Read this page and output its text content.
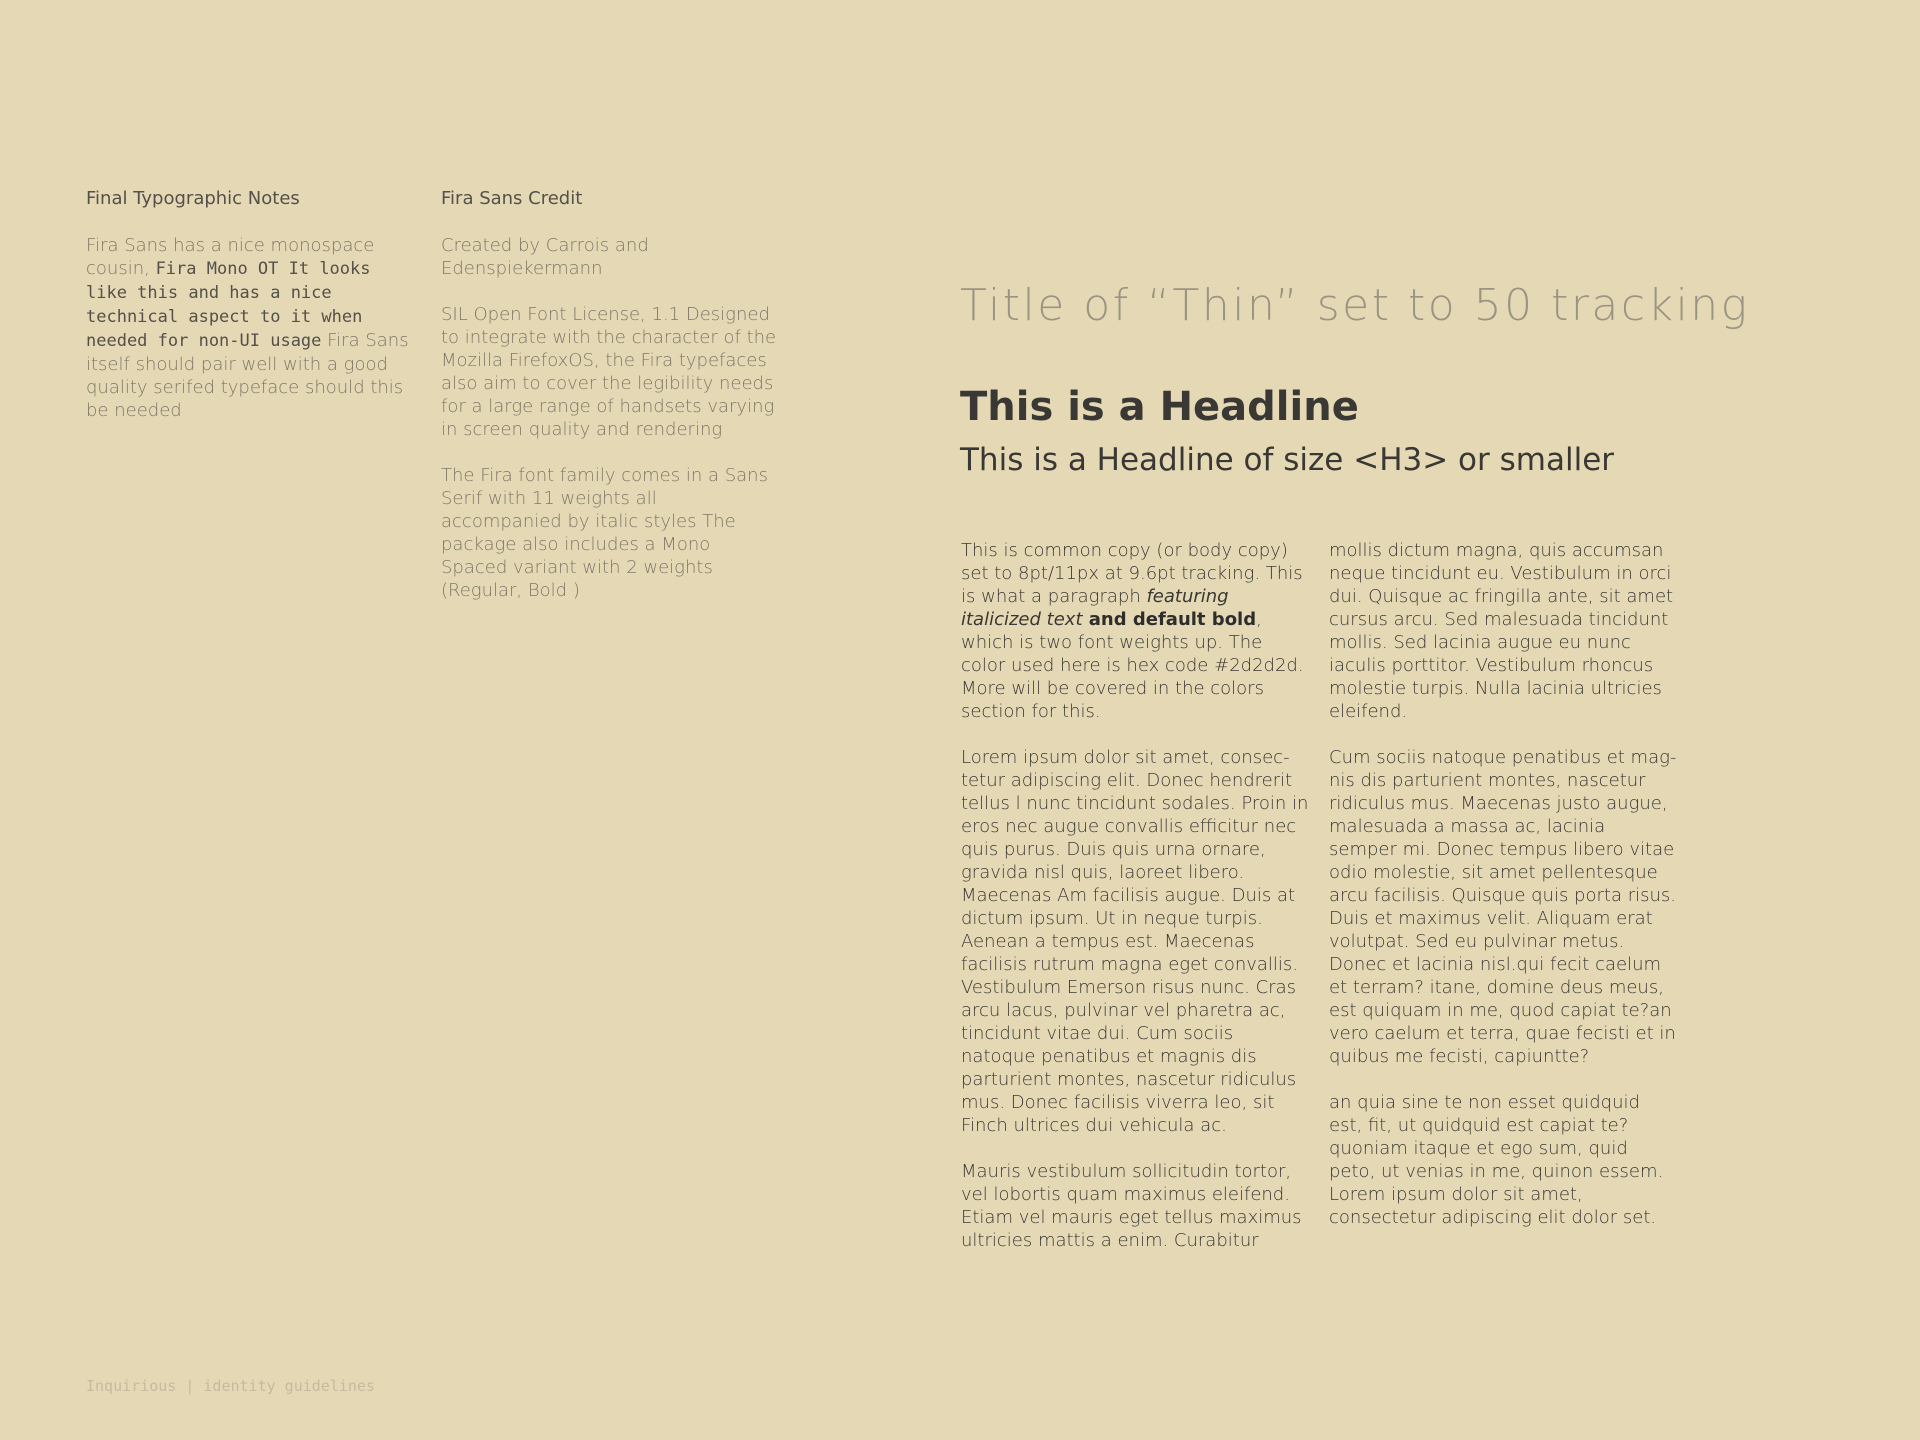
Final Typographic Notes
Fira Sans has a nice monospace cousin, Fira Mono OT It looks like this and has a nice technical aspect to it when needed for non-UI usage Fira Sans itself should pair well with a good quality serifed typeface should this be needed
Fira Sans Credit

Created by Carrois and Edenspiekermann

SIL Open Font License, 1.1 Designed to integrate with the character of the Mozilla FirefoxOS, the Fira typefaces also aim to cover the legibility needs for a large range of handsets varying in screen quality and rendering

The Fira font family comes in a Sans Serif with 11 weights all accompanied by italic styles The package also includes a Mono Spaced variant with 2 weights (Regular, Bold )

Title of “Thin” set to 50 tracking
This is a Headline
This is a Headline of size <H3> or smaller

This is common copy (or body copy) set to 8pt/11px at 9.6pt tracking. This is what a paragraph featuring italicized text and default bold, which is two font weights up. The color used here is hex code #2d2d2d. More will be covered in the colors section for this.

Lorem ipsum dolor sit amet, consectetur adipiscing elit. Donec hendrerit tellus l nunc tincidunt sodales. Proin in eros nec augue convallis efficitur nec quis purus. Duis quis urna ornare, gravida nisl quis, laoreet libero. Maecenas Am facilisis augue. Duis at dictum ipsum. Ut in neque turpis. Aenean a tempus est. Maecenas facilisis rutrum magna eget convallis. Vestibulum Emerson risus nunc. Cras arcu lacus, pulvinar vel pharetra ac, tincidunt vitae dui. Cum sociis natoque penatibus et magnis dis parturient montes, nascetur ridiculus mus. Donec facilisis viverra leo, sit Finch ultrices dui vehicula ac.

Mauris vestibulum sollicitudin tortor, vel lobortis quam maximus eleifend. Etiam vel mauris eget tellus maximus ultricies mattis a enim. Curabitur

mollis dictum magna, quis accumsan neque tincidunt eu. Vestibulum in orci dui. Quisque ac fringilla ante, sit amet cursus arcu. Sed malesuada tincidunt mollis. Sed lacinia augue eu nunc iaculis porttitor. Vestibulum rhoncus molestie turpis. Nulla lacinia ultricies eleifend.

Cum sociis natoque penatibus et magnis dis parturient montes, nascetur ridiculus mus. Maecenas justo augue, malesuada a massa ac, lacinia semper mi. Donec tempus libero vitae odio molestie, sit amet pellentesque arcu facilisis. Quisque quis porta risus. Duis et maximus velit. Aliquam erat volutpat. Sed eu pulvinar metus. Donec et lacinia nisl.qui fecit caelum et terram? itane, domine deus meus, est quiquam in me, quod capiat te?an vero caelum et terra, quae fecisti et in quibus me fecisti, capiuntte?

an quia sine te non esset quidquid est, fit, ut quidquid est capiat te? quoniam itaque et ego sum, quid peto, ut venias in me, quinon essem. Lorem ipsum dolor sit amet, consectetur adipiscing elit dolor set.

Inquirious | identity guidelines
